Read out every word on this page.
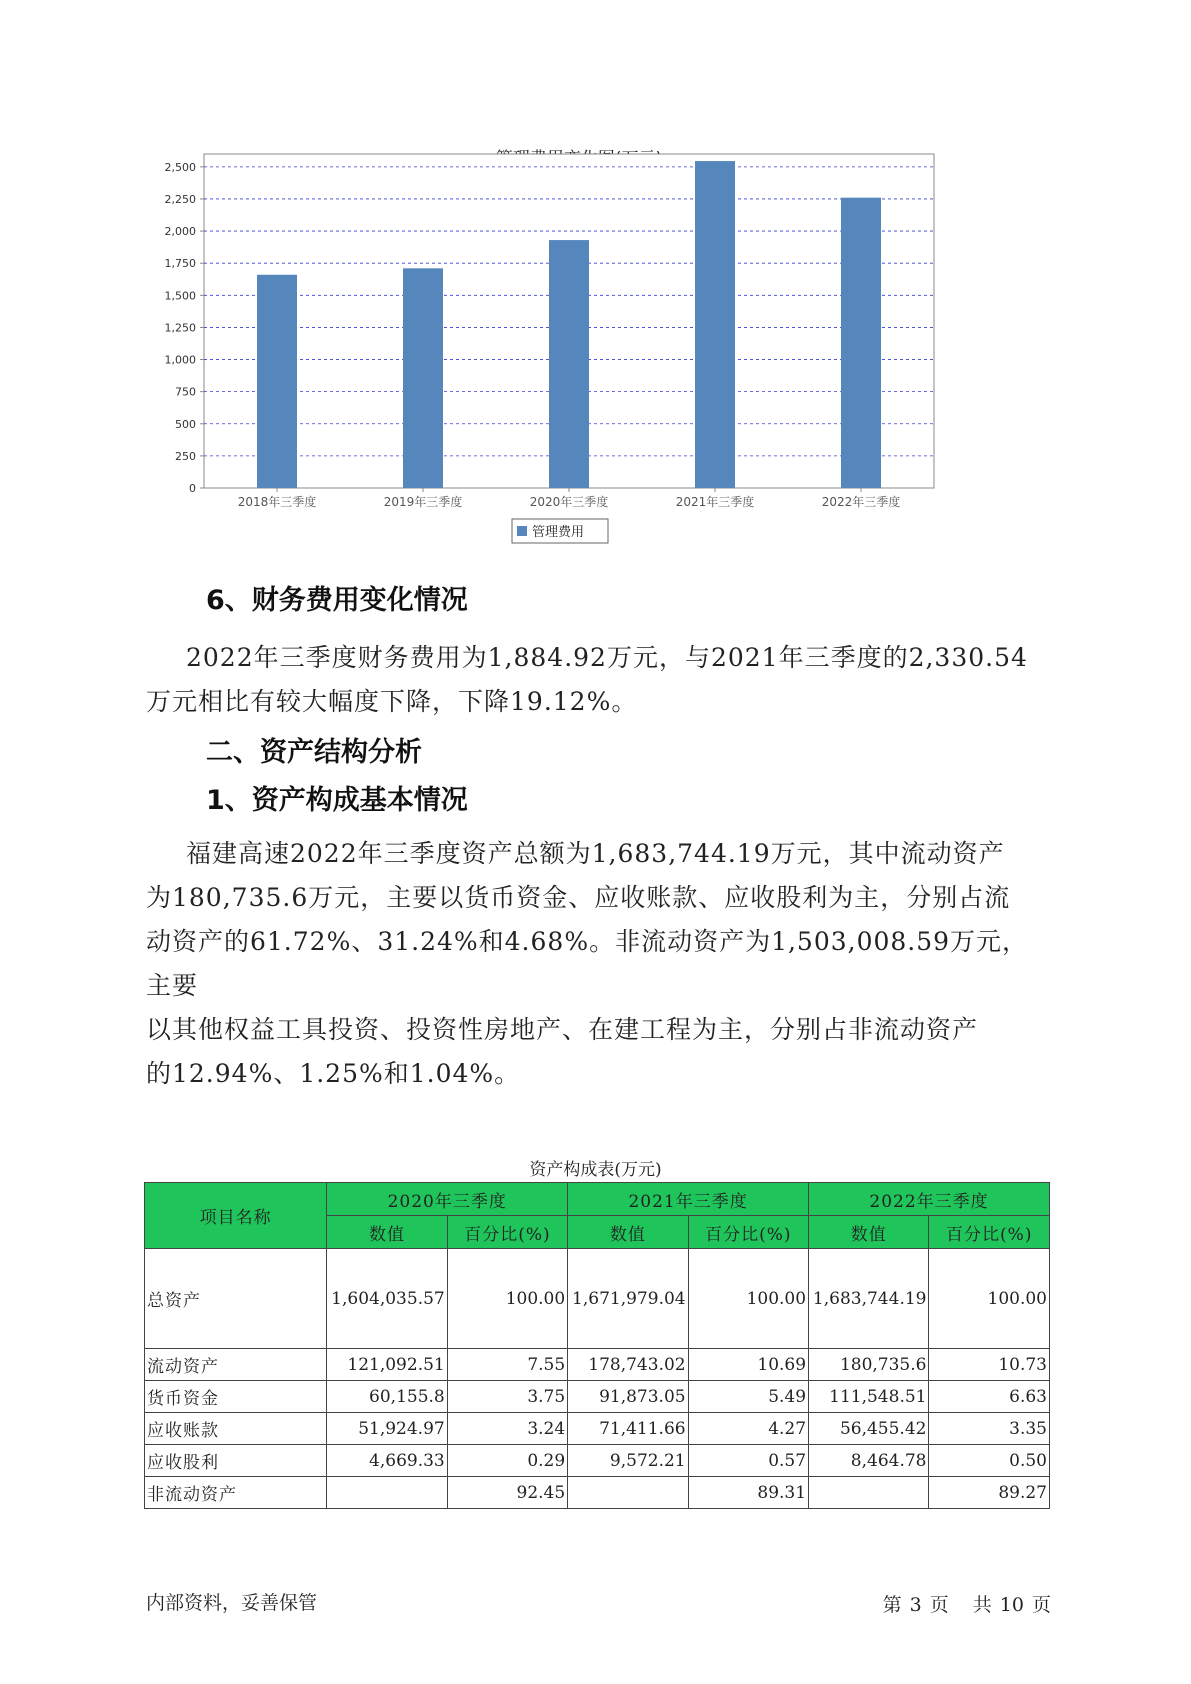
0
250
500
750
1,000
1,250
1,500
1,750
2,000
2,250
2,500
2018年三季度	2019年三季度	2020年三季度	2021年三季度	2022年三季度
管理费用
6、财务费用变化情况
2022年三季度财务费用为1,884.92万元，与2021年三季度的2,330.54
万元相比有较大幅度下降，下降19.12%。
二、资产结构分析
1、资产构成基本情况
福建高速2022年三季度资产总额为1,683,744.19万元，其中流动资产
为180,735.6万元，主要以货币资金、应收账款、应收股利为主，分别占流
动资产的61.72%、31.24%和4.68%。非流动资产为1,503,008.59万元，主要
以其他权益工具投资、投资性房地产、在建工程为主，分别占非流动资产
的12.94%、1.25%和1.04%。
资产构成表(万元)
项目名称	2020年三季度		2021年三季度		2022年三季度	
	数值	百分比(%)	数值	百分比(%)	数值	百分比(%)
总资产	1,604,035.57	100.00	1,671,979.04	100.00	1,683,744.19	100.00
流动资产	121,092.51	7.55	178,743.02	10.69	180,735.6	10.73
货币资金	60,155.8	3.75	91,873.05	5.49	111,548.51	6.63
应收账款	51,924.97	3.24	71,411.66	4.27	56,455.42	3.35
应收股利	4,669.33	0.29	9,572.21	0.57	8,464.78	0.50
非流动资产		92.45		89.31		89.27
内部资料，妥善保管	第 3 页 共 10 页
